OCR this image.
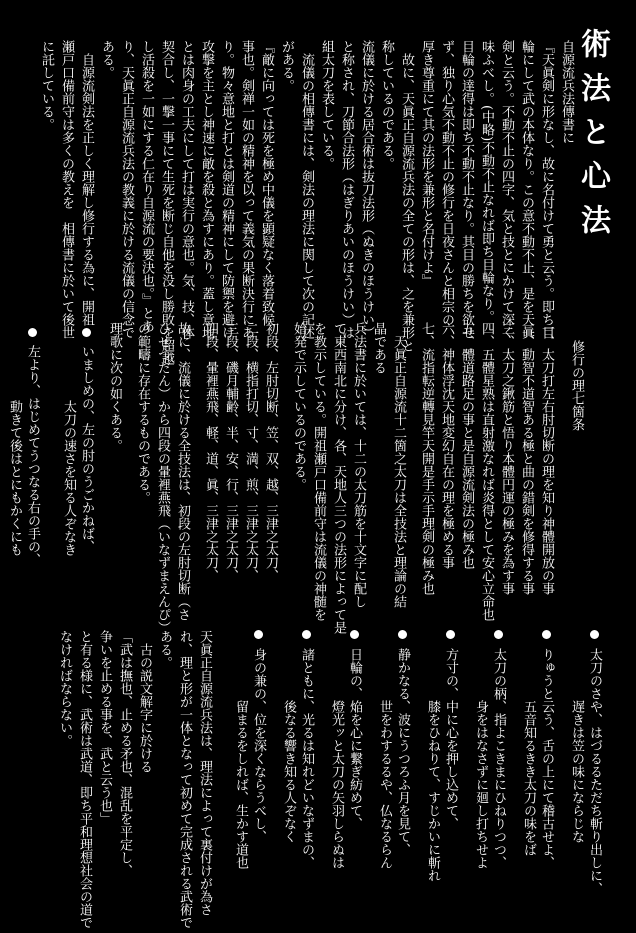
術法と心法
自源流兵法傳書に
『天眞剣に形なし、故に名付けて勇と云う。即ち目
輪にして武の本体なり。この意不動不止、是を天眞
剣と云う。不動不止の四字、気と技とにかけて深く
味ふべし。(中略)不動不止なれば即ち目輪なり。
目輪の達得は即ち不動不止なり。其目の勝ちを欲せ
ず、独り心気不動不止の修行を日夜さんと相宗の
厚き尊重にて其の法形を兼形と名付けよ』
　故に、天眞正自源流兵法の全ての形は、之を兼形と
称しているのである。
流儀に於ける居合術は抜刀法形（ぬきのほうけい）
と称され、刀節合法形（はぎりあいのほうけい）は
組太刀を表している。
　流儀の相傳書には、剣法の理法に関して次の記述
がある。
『敵に向っては死を極め中儀を顕疑なく落着致候
事也。剣禅一如の精神を以って義気の果断決行にあ
り。物々意地と打とは剣道の精神にして防禦を避け
攻撃を主とし神速に敵を殺と為すにあり。蓋し意地
とは肉身の工夫にして打は実行の意也。気、技、体
契合し、一撃一事にて生死を断じ自他を没し勝敗を超越
し活殺を一如にする仁在り自源流の要決也。』とあ
り、天眞正自源流兵法の教義に於ける流儀の信念で
ある。
　自源流剣法を正しく理解し修行する為に、開祖
瀬戸口備前守は多くの教えを　相傳書に於いて後世
に託している。
修行の理七箇条
一、太刀打左右肘切断の理を知り神體開放の事
二、動智不道智ある極と曲の錯剣を修得する事
三、太刀之鍬筋と悟り本體円運の極みを為す事
四、五體星熟は直射激なれば炎得として安心立命也
五、體道路足の事と是自源流剣法の極み也
六、神体浮沈天地変幻自在の理を極める事
七、流指転逆轉見竿天開是手示手理剣の極み也
　天眞正自源流十二箇之太刀は全技法と理論の結
晶である
兵法書に於いては、十二の太刀筋を十文字に配し
て東西南北に分け、各、天地人三つの法形によって是
を教示している。開祖瀬戸口備前守は流儀の神髄を
始発で示しているのである。
初段、左肘切断、笠、双、越、三津之太刀、
二段、横指打切、寸、満、煎、三津之太刀、
三段、磯月輔齢、半、安、行、三津之太刀、
四段、暈裡燕飛、軽、道、眞、三津之太刀、
故に、流儀に於ける全技法は、初段の左肘切断（さ
ひせつだん）から四段の暈裡燕飛（いなずまえんぴ）
の範疇に存在するものである。
理歌に次の如くある。
いましめの、左の肘のうごかねば、
太刀の速さを知る人ぞなき
左より、はじめてうつなる右の手の、
動きて後はとにもかくにも
太刀のさや、はづるるただち斬り出しに、
遅きは笠の味にならじな
りゅうと云う、舌の上にて稽古せよ、
五音知るきき太刀の味をば
太刀の柄、指よこきまにひねりつつ、
身をはなさずに廻し打ちせよ
方寸の、中に心を押し込めて、
膝をひねりて、すじかいに斬れ
静かなる、波にうつろふ月を見て、
世をわするるや、仏なるらん
日輪の、焔を心に繋ぎ紡めて、
燈光ッと太刀の矢羽しらぬは
諸ともに、光るは知れどいなずまの、
後なる響き知る人ぞなく
身の兼の、位を深くならうべし、
留まるをしれば、生かす道也
天眞正自源流兵法は、理法によって裏付けが為さ
れ、理と形が一体となって初めて完成される武術で
ある。
　古の説文解字に於ける
「武は撫也、止める矛也、混乱を平定し、
争いを止める事を、武と云う也」
と有る様に、武術は武道、即ち平和理想社会の道で
なければならない。
